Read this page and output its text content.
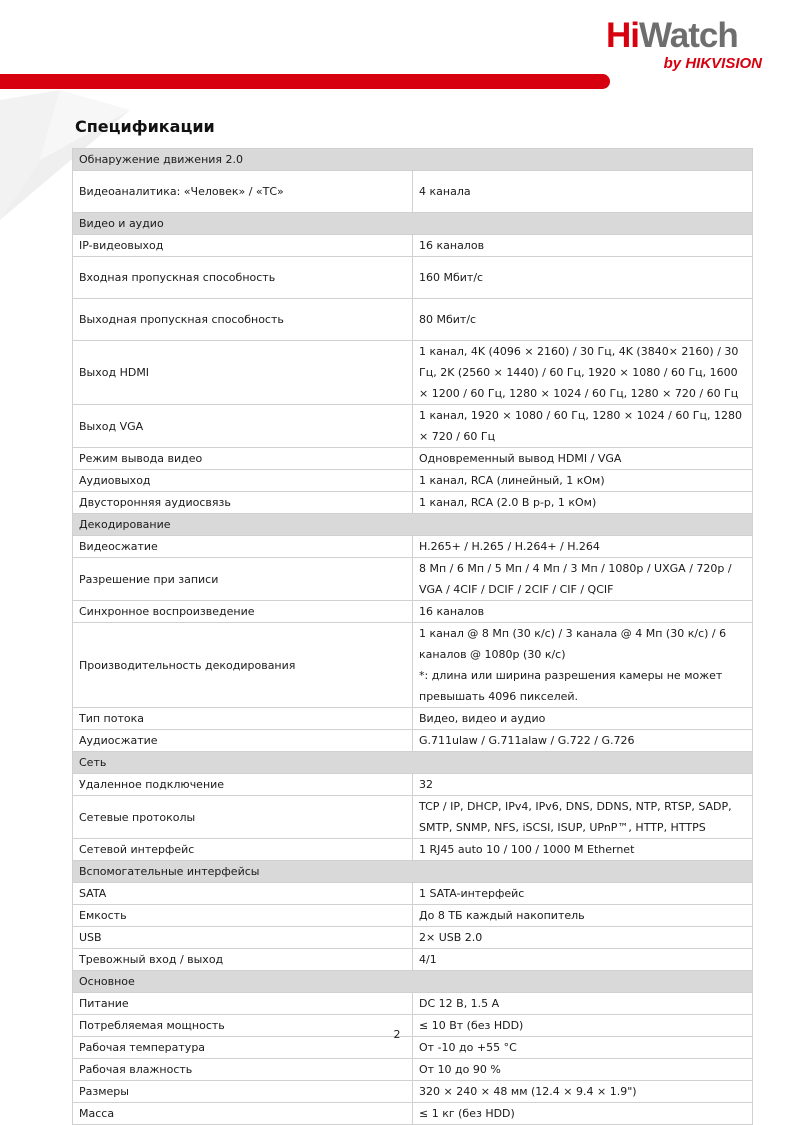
HiWatch
by HIKVISION
Спецификации
Обнаружение движения 2.0	
Видеоаналитика: «Человек» / «ТС»	4 канала
Видео и аудио	
IP-видеовыход	16 каналов
Входная пропускная способность	160 Мбит/с
Выходная пропускная способность	80 Мбит/с
Выход HDMI	1 канал, 4K (4096 × 2160) / 30 Гц, 4K (3840× 2160) / 30 Гц, 2K (2560 × 1440) / 60 Гц, 1920 × 1080 / 60 Гц, 1600 × 1200 / 60 Гц, 1280 × 1024 / 60 Гц, 1280 × 720 / 60 Гц
Выход VGA	1 канал, 1920 × 1080 / 60 Гц, 1280 × 1024 / 60 Гц, 1280 × 720 / 60 Гц
Режим вывода видео	Одновременный вывод HDMI / VGA
Аудиовыход	1 канал, RCA (линейный, 1 кОм)
Двусторонняя аудиосвязь	1 канал, RCA (2.0 В p-p, 1 кОм)
Декодирование	
Видеосжатие	H.265+ / H.265 / H.264+ / H.264
Разрешение при записи	8 Мп / 6 Мп / 5 Мп / 4 Мп / 3 Мп / 1080p / UXGA / 720p / VGA / 4CIF / DCIF / 2CIF / CIF / QCIF
Синхронное воспроизведение	16 каналов
Производительность декодирования	1 канал @ 8 Мп (30 к/с) / 3 канала @ 4 Мп (30 к/с) / 6 каналов @ 1080p (30 к/с)
*: длина или ширина разрешения камеры не может превышать 4096 пикселей.

Тип потока	Видео, видео и аудио
Аудиосжатие	G.711ulaw / G.711alaw / G.722 / G.726
Сеть	
Удаленное подключение	32
Сетевые протоколы	TCP / IP, DHCP, IPv4, IPv6, DNS, DDNS, NTP, RTSP, SADP, SMTP, SNMP, NFS, iSCSI, ISUP, UPnP™, HTTP, HTTPS
Сетевой интерфейс	1 RJ45 auto 10 / 100 / 1000 M Ethernet
Вспомогательные интерфейсы	
SATA	1 SATA-интерфейс
Емкость	До 8 ТБ каждый накопитель
USB	2× USB 2.0
Тревожный вход / выход	4/1
Основное	
Питание	DC 12 В, 1.5 А
Потребляемая мощность	≤ 10 Вт (без HDD)
Рабочая температура	От -10 до +55 °C
Рабочая влажность	От 10 до 90 %
Размеры	320 × 240 × 48 мм (12.4 × 9.4 × 1.9")
Масса	≤ 1 кг (без HDD)
2
